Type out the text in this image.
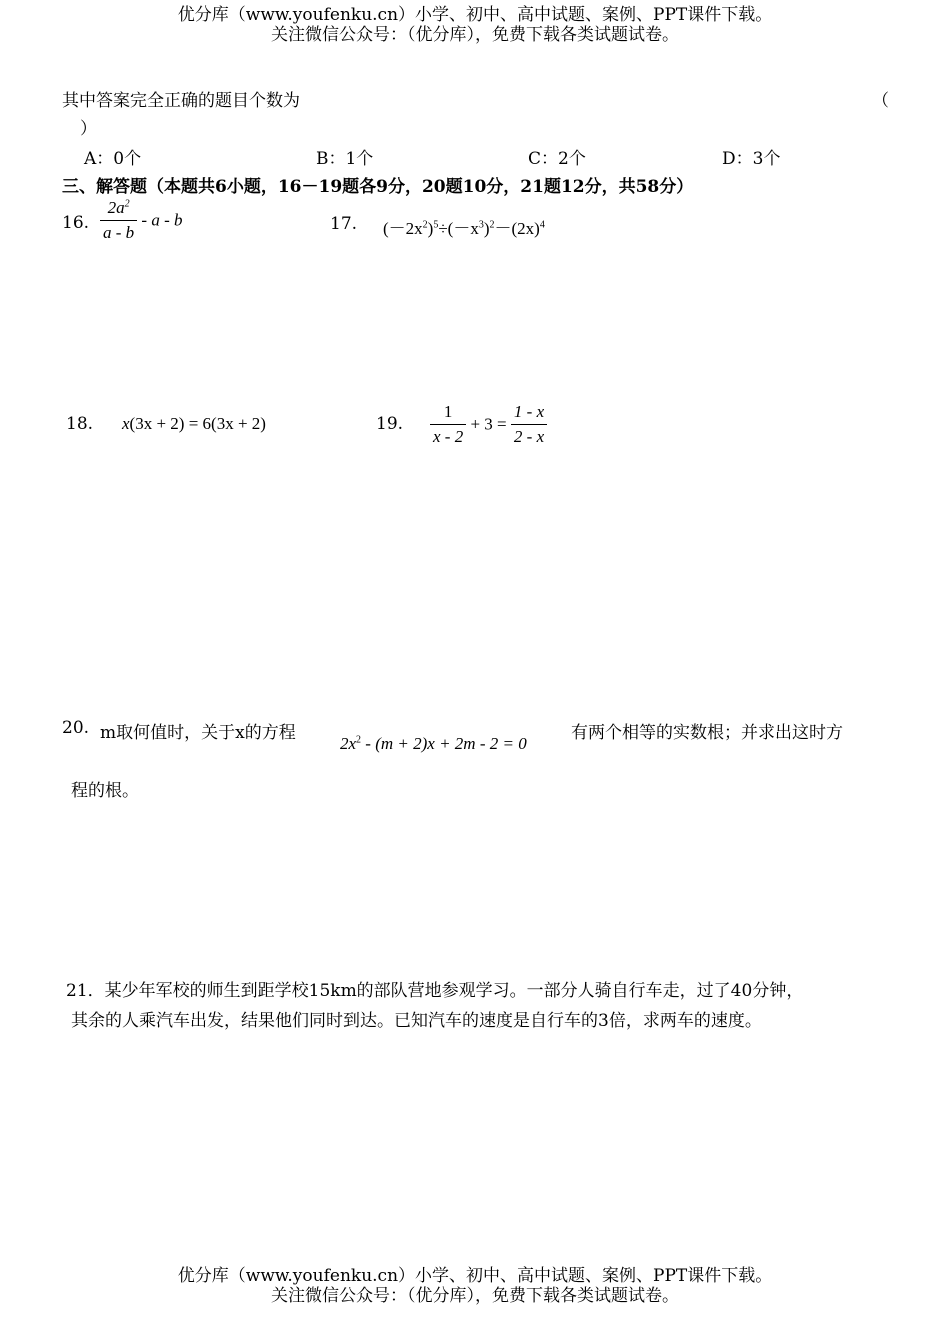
优分库（www.youfenku.cn）小学、初中、高中试题、案例、PPT课件下载。
关注微信公众号：（优分库），免费下载各类试题试卷。
其中答案完全正确的题目个数为	（
）
A：0个	B：1个	C：2个	D：3个
三、解答题（本题共6小题，16－19题各9分，20题10分，21题12分，共58分）
16. $\frac{2a^2}{a - b}$ - a - b	17. $(-2x^2)^5\div(-x^3)^2-(2x)^4$
18. x(3x + 2) = 6(3x + 2)	19. $\frac{1}{x - 2} + 3 = \frac{1 - x}{2 - x}$
20. m取何值时，关于x的方程
$2x^2 - (m + 2)x + 2m - 2 = 0$
有两个相等的实数根；并求出这时方
程的根。
21．某少年军校的师生到距学校15km的部队营地参观学习。一部分人骑自行车走，过了40分钟，
其余的人乘汽车出发，结果他们同时到达。已知汽车的速度是自行车的3倍，求两车的速度。
优分库（www.youfenku.cn）小学、初中、高中试题、案例、PPT课件下载。
关注微信公众号：（优分库），免费下载各类试题试卷。
